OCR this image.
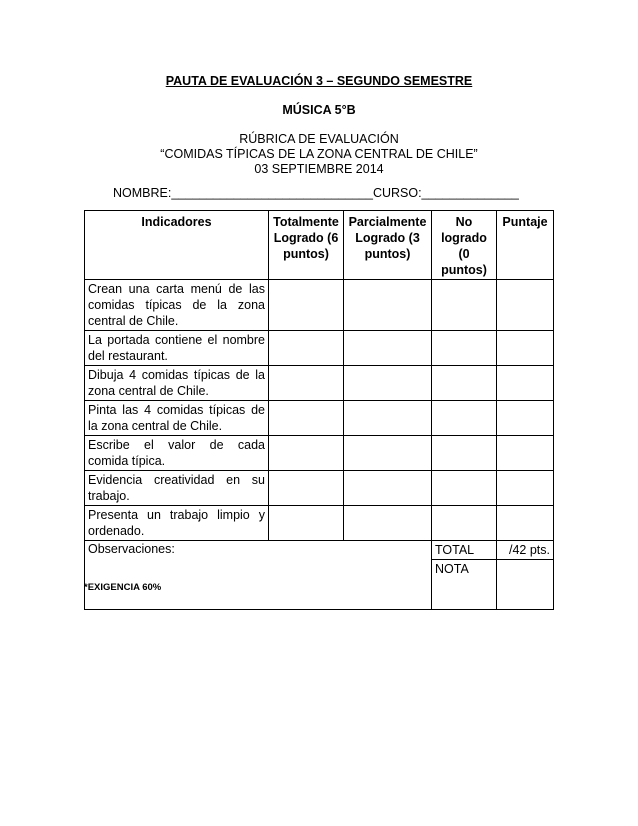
PAUTA DE EVALUACIÓN 3 – SEGUNDO SEMESTRE
MÚSICA 5°B
RÚBRICA DE EVALUACIÓN
“COMIDAS TÍPICAS DE LA ZONA CENTRAL DE CHILE”
03 SEPTIEMBRE 2014
NOMBRE:_____________________________CURSO:______________
Indicadores	Totalmente Logrado (6 puntos)	Parcialmente Logrado (3 puntos)	No logrado (0 puntos)	Puntaje
Crean una carta menú de las comidas típicas de la zona central de Chile.				
La portada contiene el nombre del restaurant.				
Dibuja 4 comidas típicas de la zona central de Chile.				
Pinta las 4 comidas típicas de la zona central de Chile.				
Escribe el valor de cada comida típica.				
Evidencia creatividad en su trabajo.				
Presenta un trabajo limpio y ordenado.				
Observaciones:			TOTAL	/42 pts.
			NOTA	
*EXIGENCIA 60%
